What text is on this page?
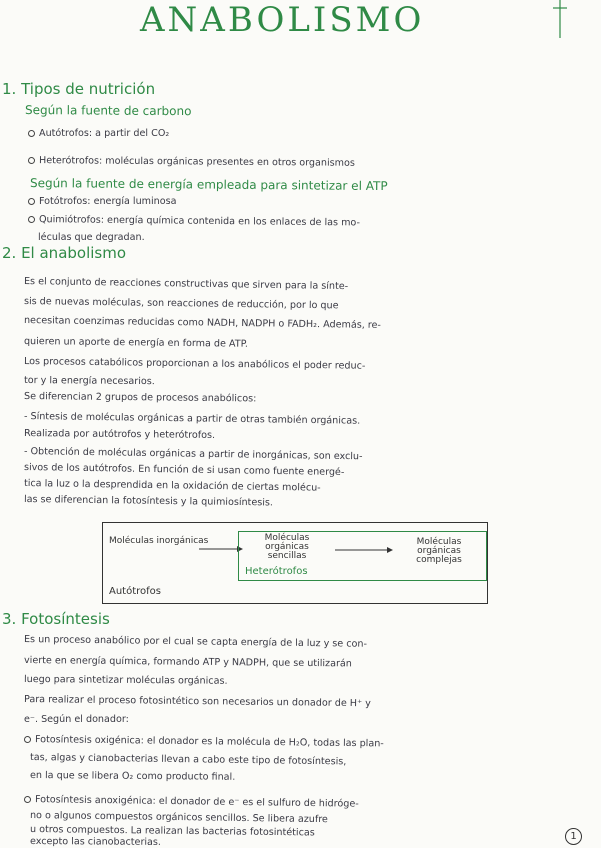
ANABOLISMO
1. Tipos de nutrición
Según la fuente de carbono
Autótrofos: a partir del CO₂
Heterótrofos: moléculas orgánicas presentes en otros organismos
Según la fuente de energía empleada para sintetizar el ATP
Fotótrofos: energía luminosa
Quimiótrofos: energía química contenida en los enlaces de las mo-
léculas que degradan.
2. El anabolismo
Es el conjunto de reacciones constructivas que sirven para la sínte-
sis de nuevas moléculas, son reacciones de reducción, por lo que
necesitan coenzimas reducidas como NADH, NADPH o FADH₂. Además, re-
quieren un aporte de energía en forma de ATP.
Los procesos catabólicos proporcionan a los anabólicos el poder reduc-
tor y la energía necesarios.
Se diferencian 2 grupos de procesos anabólicos:
- Síntesis de moléculas orgánicas a partir de otras también orgánicas.
Realizada por autótrofos y heterótrofos.
- Obtención de moléculas orgánicas a partir de inorgánicas, son exclu-
sivos de los autótrofos. En función de si usan como fuente energé-
tica la luz o la desprendida en la oxidación de ciertas molécu-
las se diferencian la fotosíntesis y la quimiosíntesis.
Moléculas inorgánicas	Moléculas orgánicas sencillas
Moléculas orgánicas complejas
Heterótrofos
Autótrofos
3. Fotosíntesis
Es un proceso anabólico por el cual se capta energía de la luz y se con-
vierte en energía química, formando ATP y NADPH, que se utilizarán
luego para sintetizar moléculas orgánicas.
Para realizar el proceso fotosintético son necesarios un donador de H⁺ y
e⁻. Según el donador:
Fotosíntesis oxigénica: el donador es la molécula de H₂O, todas las plan-
tas, algas y cianobacterias llevan a cabo este tipo de fotosíntesis,
en la que se libera O₂ como producto final.
Fotosíntesis anoxigénica: el donador de e⁻ es el sulfuro de hidróge-
no o algunos compuestos orgánicos sencillos. Se libera azufre
u otros compuestos. La realizan las bacterias fotosintéticas
excepto las cianobacterias.	1
